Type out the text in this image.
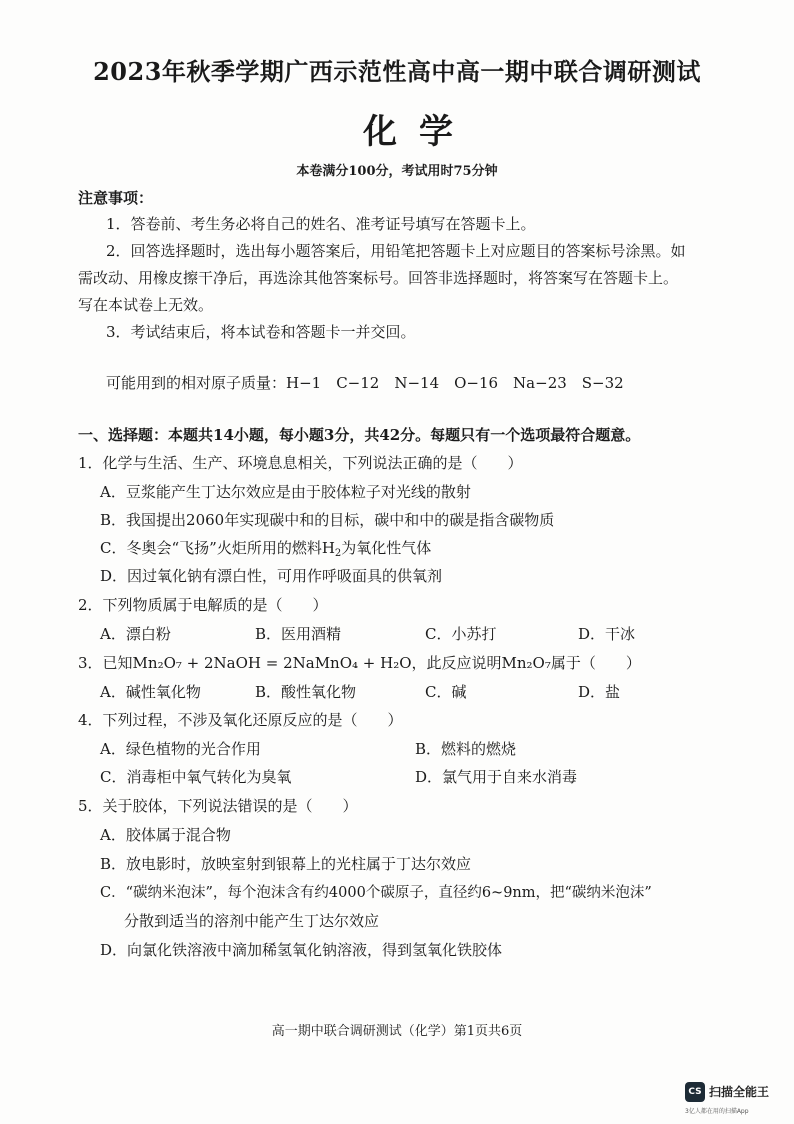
2023年秋季学期广西示范性高中高一期中联合调研测试
化学
本卷满分100分，考试用时75分钟
注意事项：
1．答卷前、考生务必将自己的姓名、准考证号填写在答题卡上。
2．回答选择题时，选出每小题答案后，用铅笔把答题卡上对应题目的答案标号涂黑。如
需改动、用橡皮擦干净后，再选涂其他答案标号。回答非选择题时，将答案写在答题卡上。
写在本试卷上无效。
3．考试结束后，将本试卷和答题卡一并交回。
可能用到的相对原子质量：H−1　C−12　N−14　O−16　Na−23　S−32
一、选择题：本题共14小题，每小题3分，共42分。每题只有一个选项最符合题意。
1．化学与生活、生产、环境息息相关，下列说法正确的是（　　）
A．豆浆能产生丁达尔效应是由于胶体粒子对光线的散射
B．我国提出2060年实现碳中和的目标，碳中和中的碳是指含碳物质
C．冬奥会“飞扬”火炬所用的燃料$H_2$为氧化性气体
D．因过氧化钠有漂白性，可用作呼吸面具的供氧剂
2．下列物质属于电解质的是（　　）
A．漂白粉	B．医用酒精	C．小苏打	D．干冰
3．已知Mn₂O₇ + 2NaOH = 2NaMnO₄ + H₂O，此反应说明Mn₂O₇属于（　　）
A．碱性氧化物	B．酸性氧化物	C．碱	D．盐
4．下列过程，不涉及氧化还原反应的是（　　）
A．绿色植物的光合作用	B．燃料的燃烧
C．消毒柜中氧气转化为臭氧	D．氯气用于自来水消毒
5．关于胶体，下列说法错误的是（　　）
A．胶体属于混合物
B．放电影时，放映室射到银幕上的光柱属于丁达尔效应
C．“碳纳米泡沫”，每个泡沫含有约4000个碳原子，直径约6~9nm，把“碳纳米泡沫”
分散到适当的溶剂中能产生丁达尔效应
D．向氯化铁溶液中滴加稀氢氧化钠溶液，得到氢氧化铁胶体
高一期中联合调研测试（化学）第1页共6页
CS 扫描全能王
3亿人都在用的扫描App
